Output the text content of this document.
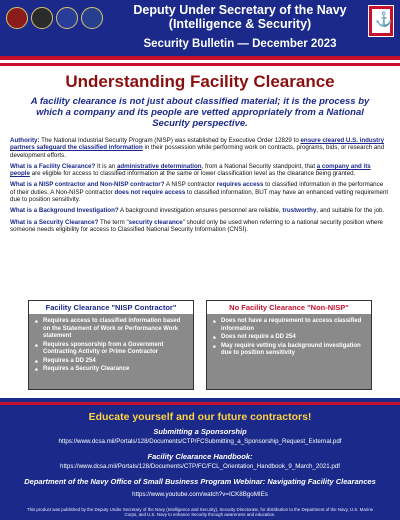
Deputy Under Secretary of the Navy (Intelligence & Security)
Security Bulletin — December 2023
⚓
Understanding Facility Clearance
A facility clearance is not just about classified material; it is the process by which a company and its people are vetted appropriately from a National Security perspective.

Authority: The National Industrial Security Program (NISP) was established by Executive Order 12829 to ensure cleared U.S. industry partners safeguard the classified information in their possession while performing work on contracts, programs, bids, or research and development efforts.

What is a Facility Clearance? It is an administrative determination, from a National Security standpoint, that a company and its people are eligible for access to classified information at the same or lower classification level as the clearance being granted.

What is a NISP contractor and Non-NISP contractor? A NISP contractor requires access to classified information in the performance of their duties. A Non-NISP contractor does not require access to classified information, BUT may have an enhanced vetting requirement due to position sensitivity.

What is a Background Investigation? A background investigation ensures personnel are reliable, trustworthy, and suitable for the job.

What is a Security Clearance? The term "security clearance" should only be used when referring to a national security position where someone needs eligibility for access to Classified National Security Information (CNSI).

Facility Clearance "NISP Contractor"
■ Requires access to classified information based on the Statement of Work or Performance Work statement
■ Requires sponsorship from a Government Contracting Activity or Prime Contractor
■ Requires a DD 254
■ Requires a Security Clearance
No Facility Clearance "Non-NISP"
■ Does not have a requirement to access classified information
■ Does not require a DD 254
■ May require vetting via background investigation due to position sensitivity
Educate yourself and our future contractors!
Submitting a Sponsorship
https://www.dcsa.mil/Portals/128/Documents/CTP/FCSubmitting_a_Sponsorship_Request_External.pdf
Facility Clearance Handbook:
https://www.dcsa.mil/Portals/128/Documents/CTP/FC/FCL_Orientation_Handbook_9_March_2021.pdf
Department of the Navy Office of Small Business Program Webinar: Navigating Facility Clearances
https://www.youtube.com/watch?v=ICK8BgoMIEs
This product was published by the Deputy Under Secretary of the Navy (Intelligence and Security), Security Directorate, for distribution to the Department of the Navy, U.S. Marine Corps, and U.S. Navy to enhance Security through awareness and education.
